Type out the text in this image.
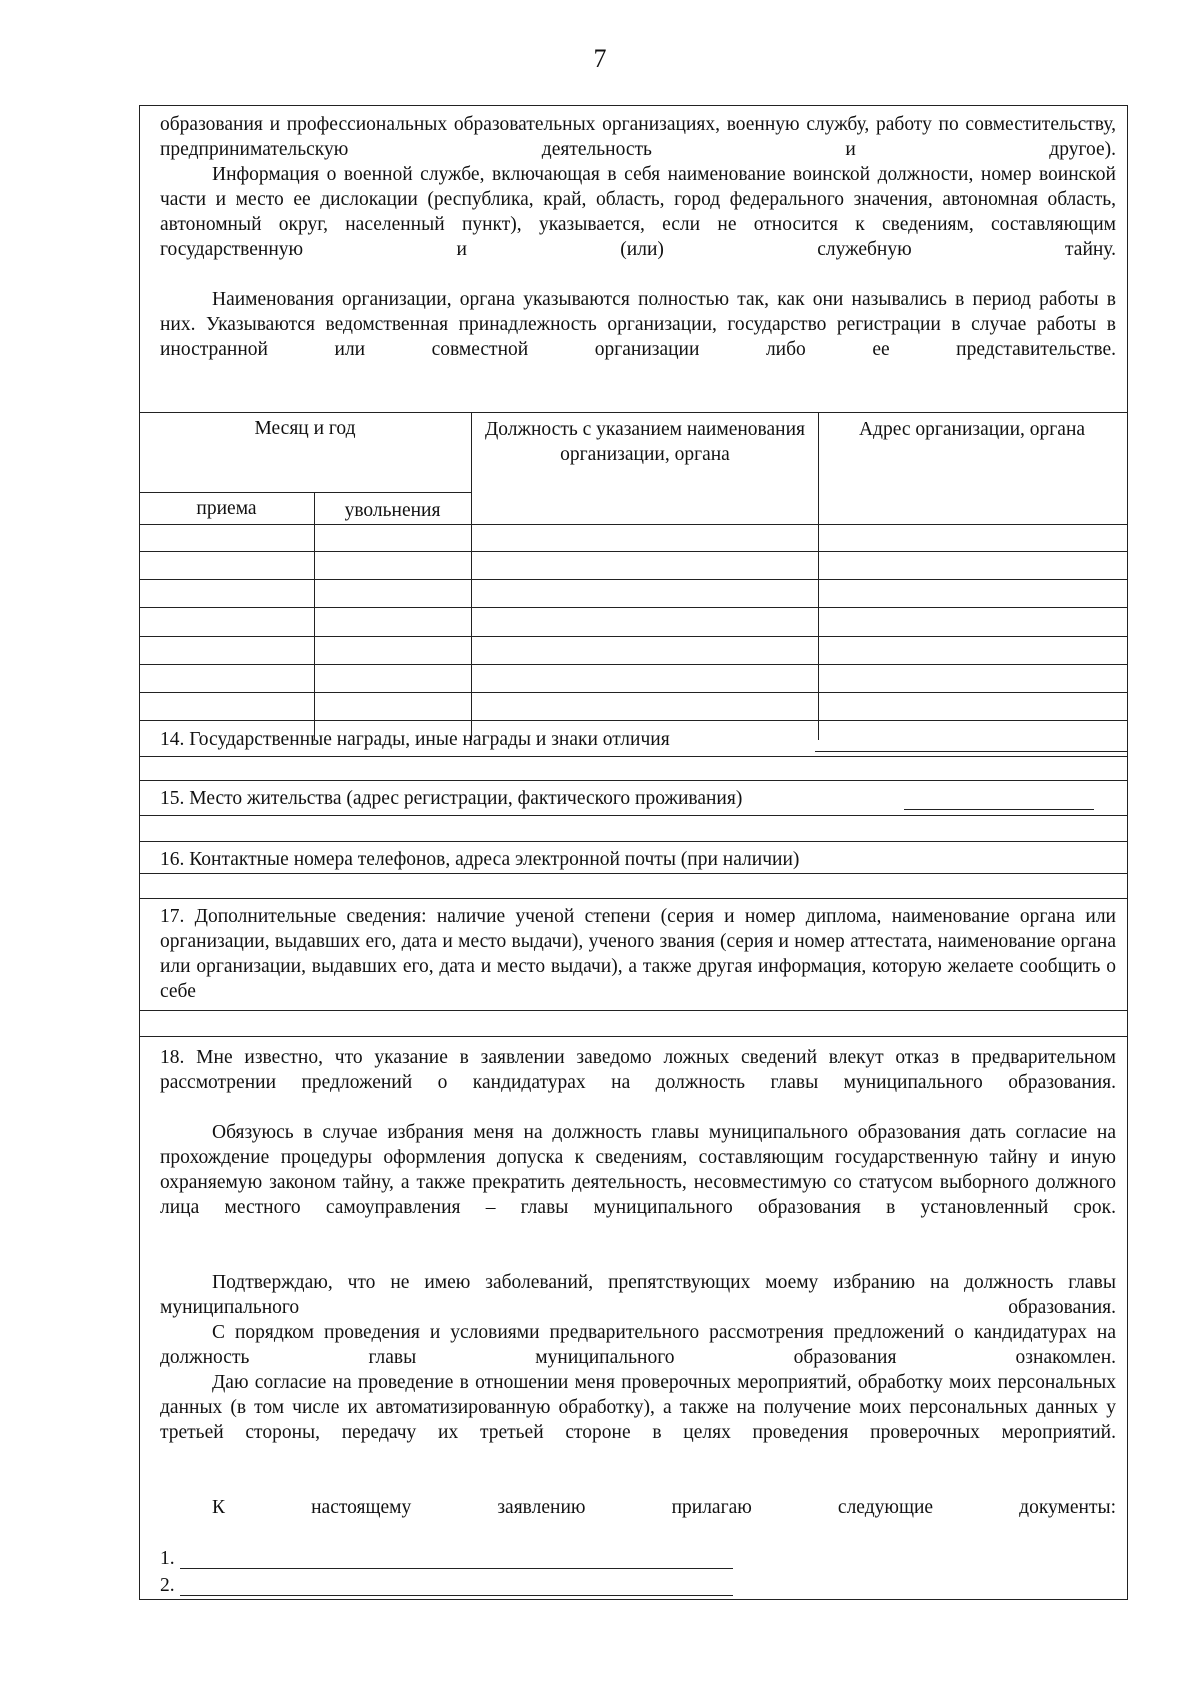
7

образования и профессиональных образовательных организациях, военную службу, работу по совместительству, предпринимательскую деятельность и другое).

Информация о военной службе, включающая в себя наименование воинской должности, номер воинской части и место ее дислокации (республика, край, область, город федерального значения, автономная область, автономный округ, населенный пункт), указывается, если не относится к сведениям, составляющим государственную и (или) служебную тайну.

Наименования организации, органа указываются полностью так, как они назывались в период работы в них. Указываются ведомственная принадлежность организации, государство регистрации в случае работы в иностранной или совместной организации либо ее представительстве.

Месяц и год
приема	увольнения
Должность с указанием наименования организации, органа
Адрес организации, органа
14. Государственные награды, иные награды и знаки отличия
15. Место жительства (адрес регистрации, фактического проживания)
16. Контактные номера телефонов, адреса электронной почты (при наличии)

17. Дополнительные сведения: наличие ученой степени (серия и номер диплома, наименование органа или организации, выдавших его, дата и место выдачи), ученого звания (серия и номер аттестата, наименование органа или организации, выдавших его, дата и место выдачи), а также другая информация, которую желаете сообщить о себе

18. Мне известно, что указание в заявлении заведомо ложных сведений влекут отказ в предварительном рассмотрении предложений о кандидатурах на должность главы муниципального образования.

Обязуюсь в случае избрания меня на должность главы муниципального образования дать согласие на прохождение процедуры оформления допуска к сведениям, составляющим государственную тайну и иную охраняемую законом тайну, а также прекратить деятельность, несовместимую со статусом выборного должного лица местного самоуправления – главы муниципального образования в установленный срок.

Подтверждаю, что не имею заболеваний, препятствующих моему избранию на должность главы муниципального образования.

С порядком проведения и условиями предварительного рассмотрения предложений о кандидатурах на должность главы муниципального образования ознакомлен.

Даю согласие на проведение в отношении меня проверочных мероприятий, обработку моих персональных данных (в том числе их автоматизированную обработку), а также на получение моих персональных данных у третьей стороны, передачу их третьей стороне в целях проведения проверочных мероприятий.

К настоящему заявлению прилагаю следующие документы:

1.
2.
